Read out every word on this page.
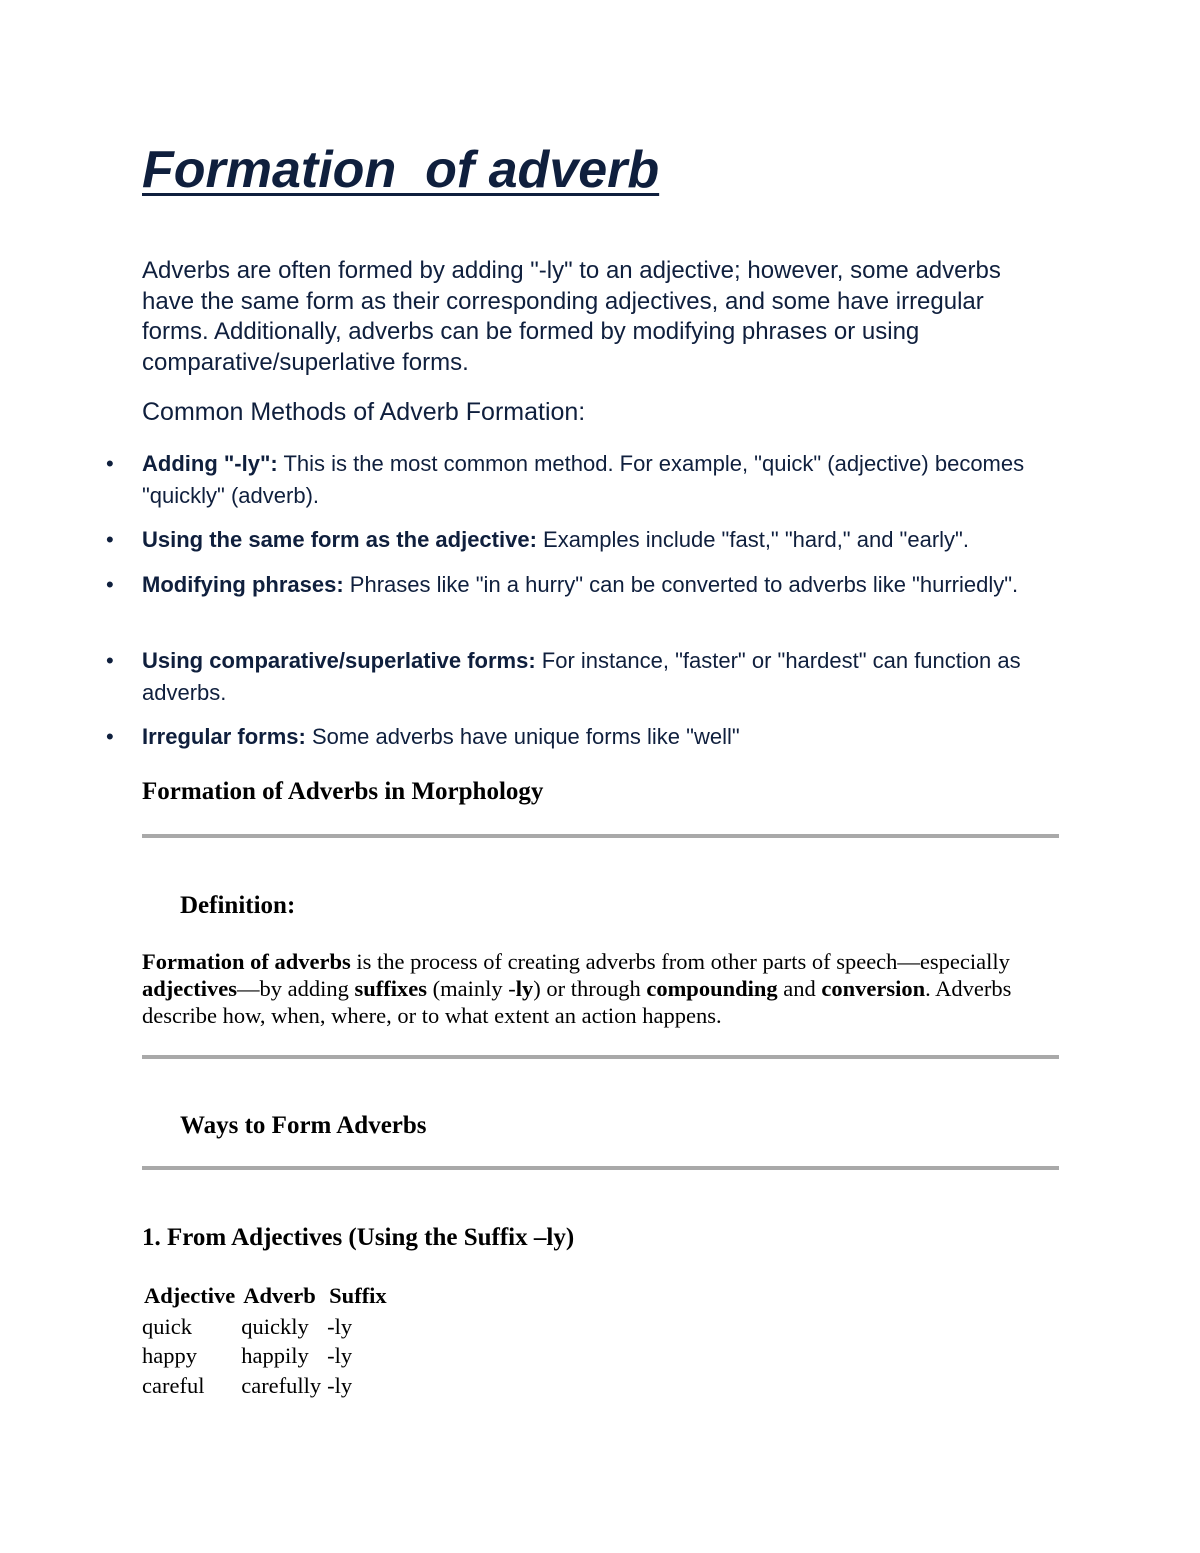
Formation  of adverb

Adverbs are often formed by adding "-ly" to an adjective; however, some adverbs have the same form as their corresponding adjectives, and some have irregular forms. Additionally, adverbs can be formed by modifying phrases or using comparative/superlative forms.

Common Methods of Adverb Formation:

• Adding "-ly": This is the most common method. For example, "quick" (adjective) becomes "quickly" (adverb).
• Using the same form as the adjective: Examples include "fast," "hard," and "early".
• Modifying phrases: Phrases like "in a hurry" can be converted to adverbs like "hurriedly".
• Using comparative/superlative forms: For instance, "faster" or "hardest" can function as adverbs.
• Irregular forms: Some adverbs have unique forms like "well"
Formation of Adverbs in Morphology
Definition:

Formation of adverbs is the process of creating adverbs from other parts of speech—especially adjectives—by adding suffixes (mainly -ly) or through compounding and conversion. Adverbs describe how, when, where, or to what extent an action happens.

Ways to Form Adverbs
1. From Adjectives (Using the Suffix –ly)
Adjective	Adverb	Suffix
quick	quickly	-ly
happy	happily	-ly
careful	carefully	-ly
